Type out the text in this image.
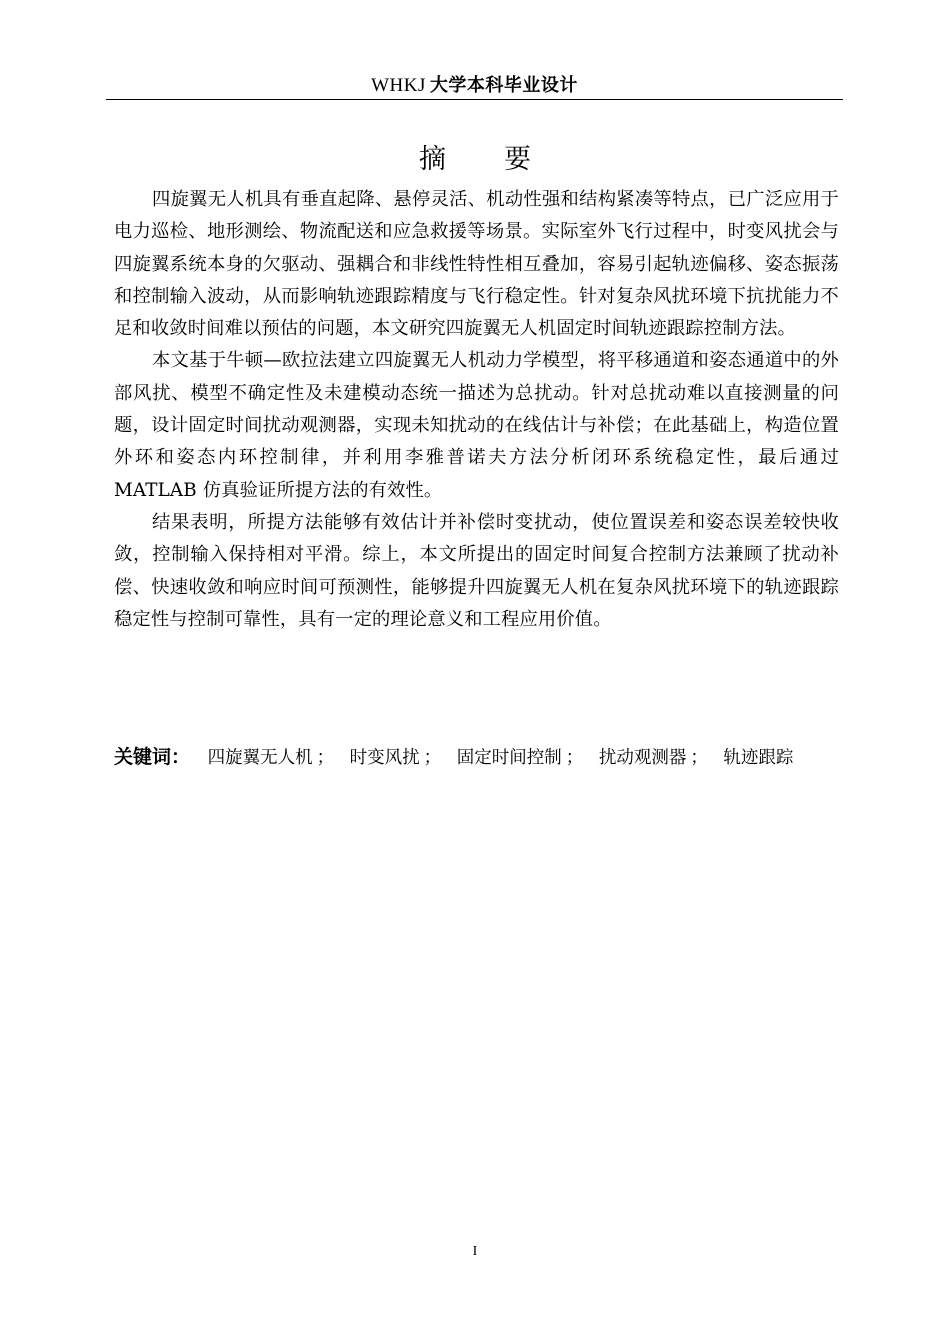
WHKJ 大学本科毕业设计
摘 要

四旋翼无人机具有垂直起降、悬停灵活、机动性强和结构紧凑等特点，已广泛应用于电力巡检、地形测绘、物流配送和应急救援等场景。实际室外飞行过程中，时变风扰会与四旋翼系统本身的欠驱动、强耦合和非线性特性相互叠加，容易引起轨迹偏移、姿态振荡和控制输入波动，从而影响轨迹跟踪精度与飞行稳定性。针对复杂风扰环境下抗扰能力不足和收敛时间难以预估的问题，本文研究四旋翼无人机固定时间轨迹跟踪控制方法。

本文基于牛顿—欧拉法建立四旋翼无人机动力学模型，将平移通道和姿态通道中的外部风扰、模型不确定性及未建模动态统一描述为总扰动。针对总扰动难以直接测量的问题，设计固定时间扰动观测器，实现未知扰动的在线估计与补偿；在此基础上，构造位置外环和姿态内环控制律，并利用李雅普诺夫方法分析闭环系统稳定性，最后通过 MATLAB 仿真验证所提方法的有效性。

结果表明，所提方法能够有效估计并补偿时变扰动，使位置误差和姿态误差较快收敛，控制输入保持相对平滑。综上，本文所提出的固定时间复合控制方法兼顾了扰动补偿、快速收敛和响应时间可预测性，能够提升四旋翼无人机在复杂风扰环境下的轨迹跟踪稳定性与控制可靠性，具有一定的理论意义和工程应用价值。

关键词： 四旋翼无人机 ； 时变风扰 ； 固定时间控制 ； 扰动观测器 ； 轨迹跟踪
I
